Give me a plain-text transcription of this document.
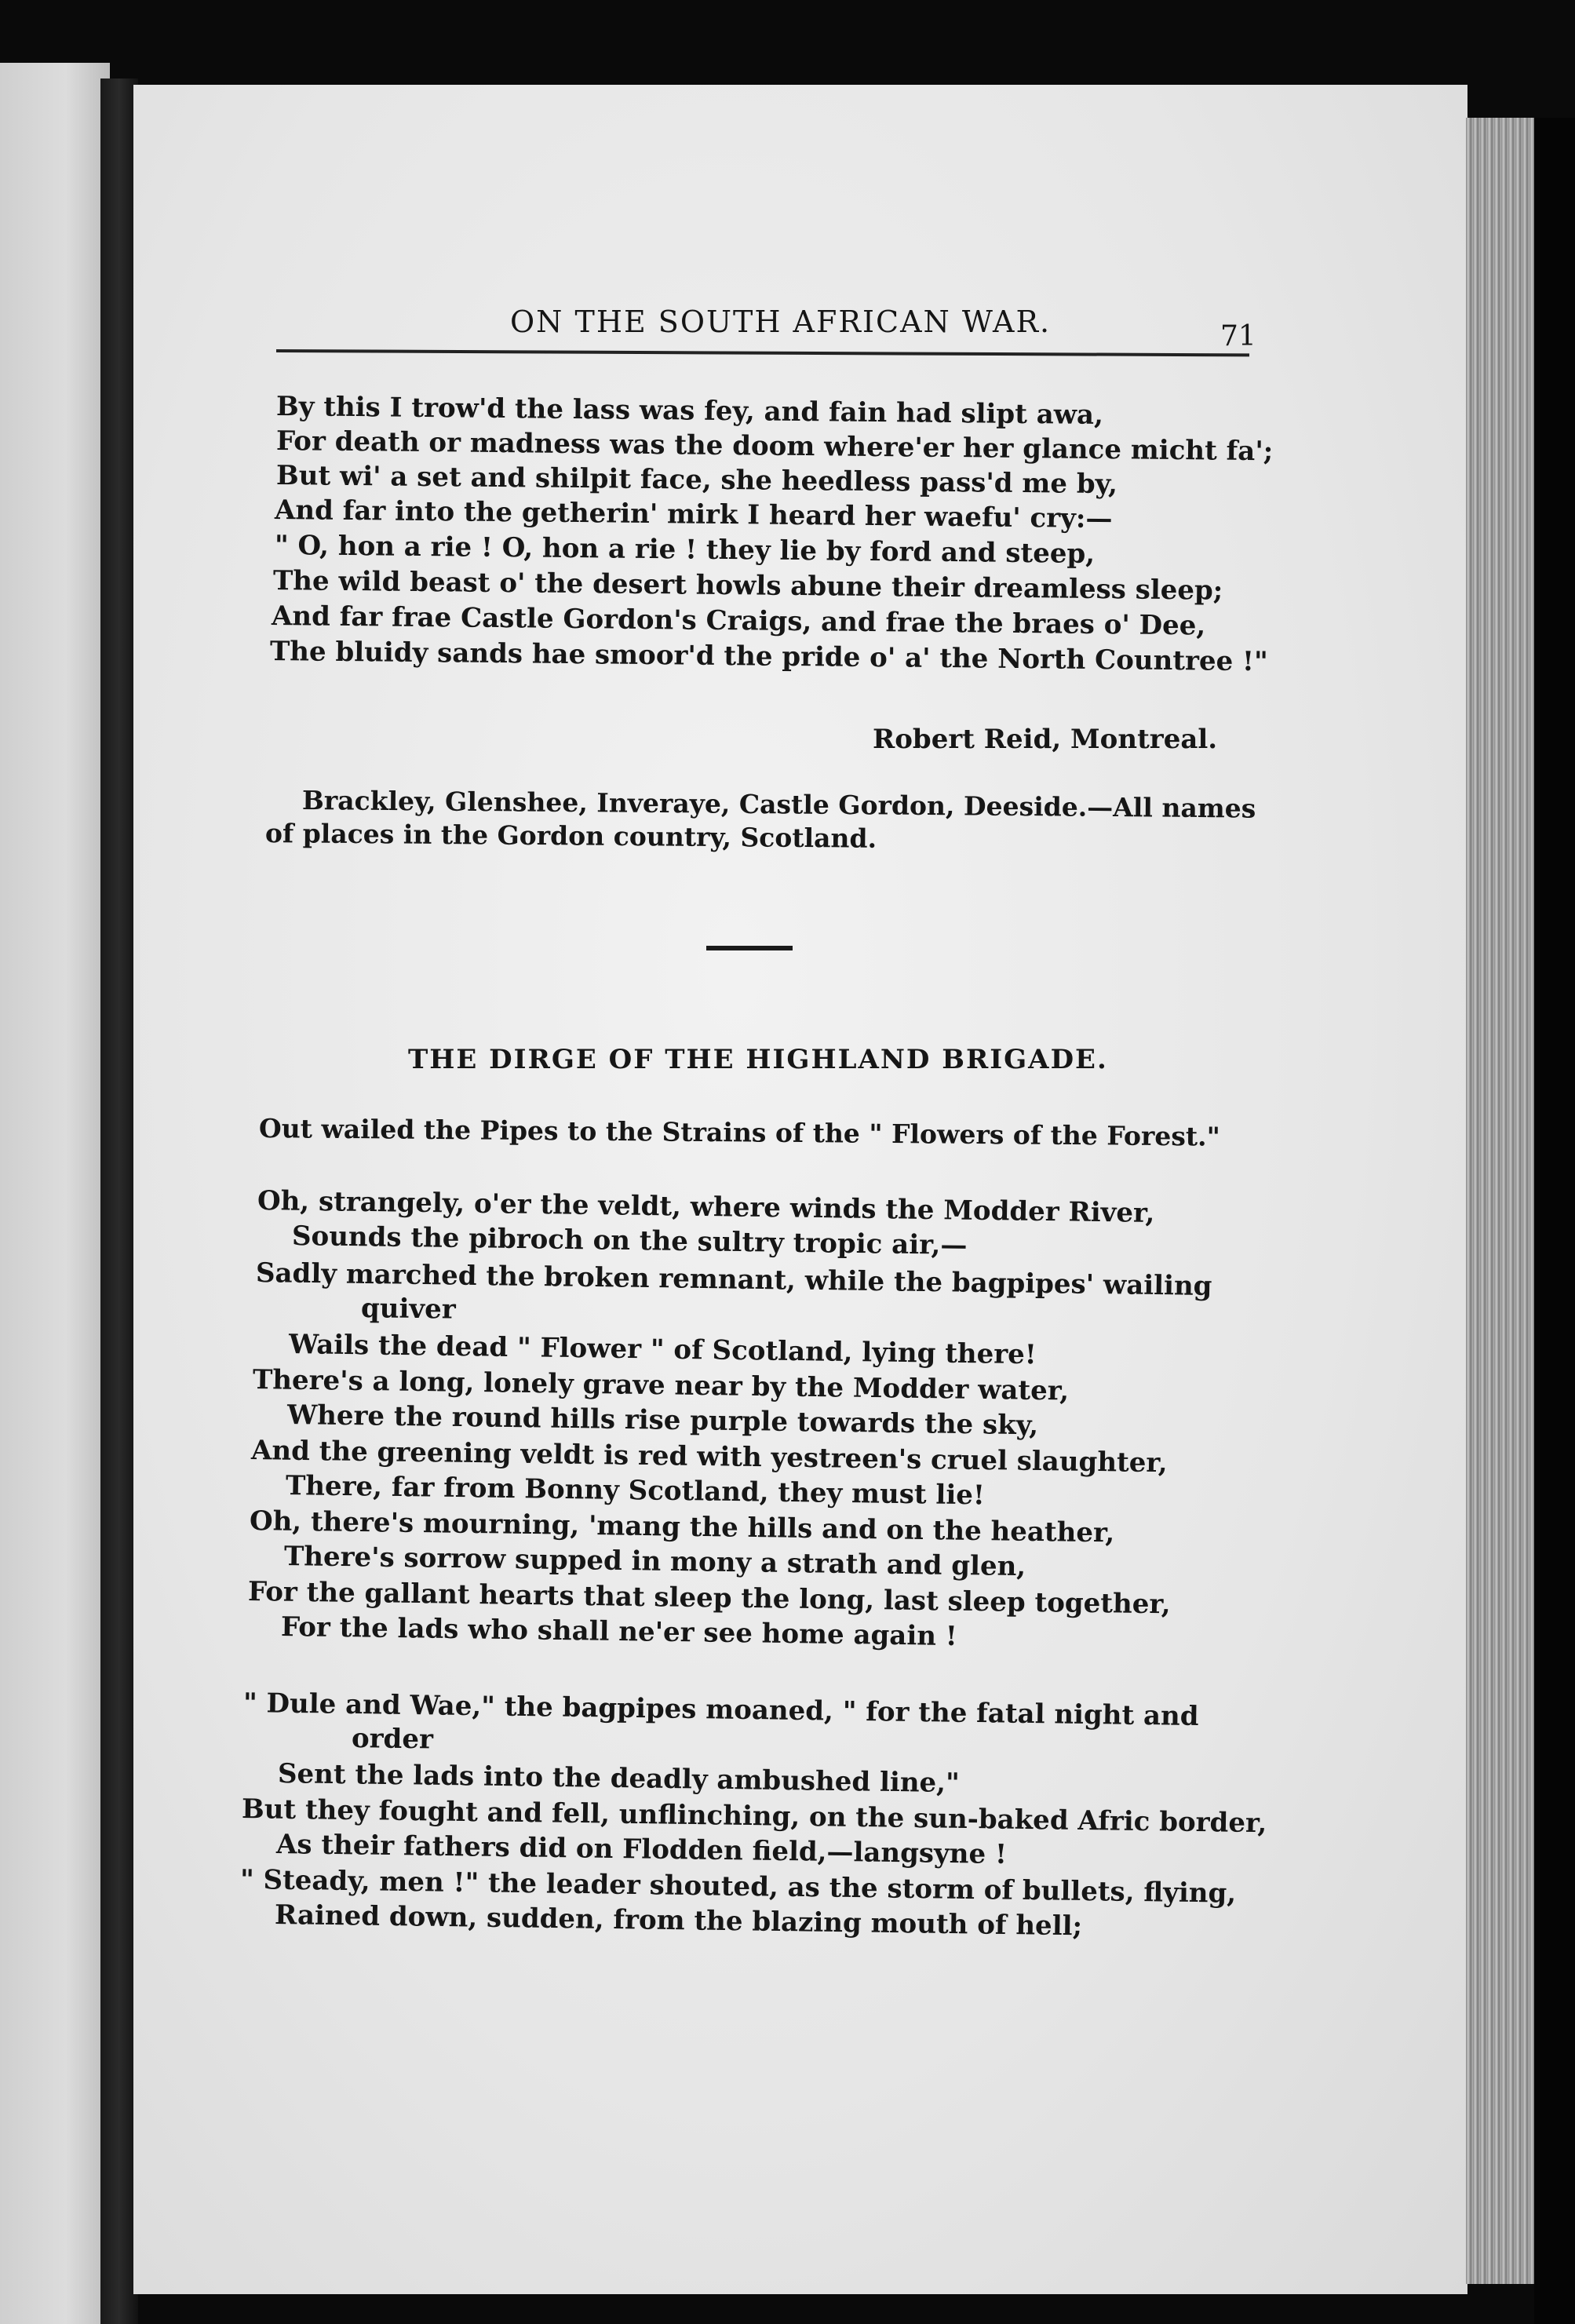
ON THE SOUTH AFRICAN WAR.	71
By this I trow'd the lass was fey, and fain had slipt awa,
For death or madness was the doom where'er her glance micht fa';
But wi' a set and shilpit face, she heedless pass'd me by,
And far into the getherin' mirk I heard her waefu' cry:—
" O, hon a rie ! O, hon a rie ! they lie by ford and steep,
The wild beast o' the desert howls abune their dreamless sleep;
And far frae Castle Gordon's Craigs, and frae the braes o' Dee,
The bluidy sands hae smoor'd the pride o' a' the North Countree !"
Robert Reid, Montreal.
Brackley, Glenshee, Inveraye, Castle Gordon, Deeside.—All names
of places in the Gordon country, Scotland.
THE DIRGE OF THE HIGHLAND BRIGADE.
Out wailed the Pipes to the Strains of the " Flowers of the Forest."
Oh, strangely, o'er the veldt, where winds the Modder River,
Sounds the pibroch on the sultry tropic air,—
Sadly marched the broken remnant, while the bagpipes' wailing
quiver
Wails the dead " Flower " of Scotland, lying there!
There's a long, lonely grave near by the Modder water,
Where the round hills rise purple towards the sky,
And the greening veldt is red with yestreen's cruel slaughter,
There, far from Bonny Scotland, they must lie!
Oh, there's mourning, 'mang the hills and on the heather,
There's sorrow supped in mony a strath and glen,
For the gallant hearts that sleep the long, last sleep together,
For the lads who shall ne'er see home again !
" Dule and Wae," the bagpipes moaned, " for the fatal night and
order
Sent the lads into the deadly ambushed line,"
But they fought and fell, unflinching, on the sun-baked Afric border,
As their fathers did on Flodden field,—langsyne !
" Steady, men !" the leader shouted, as the storm of bullets, flying,
Rained down, sudden, from the blazing mouth of hell;
